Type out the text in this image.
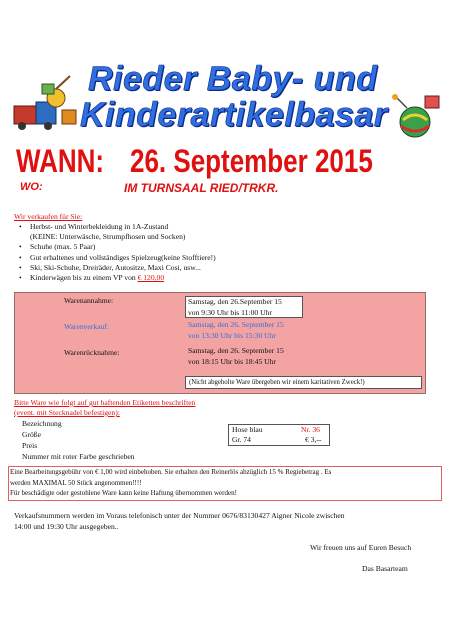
Rieder Baby- und
Kinderartikelbasar
WANN: 26. September 2015
WO:	IM TURNSAAL RIED/TRKR.
Wir verkaufen für Sie:
• Herbst- und Winterbekleidung in 1A-Zustand
(KEINE: Unterwäsche, Strumpfhosen und Socken)
• Schuhe (max. 5 Paar)
• Gut erhaltenes und vollständiges Spielzeug(keine Stofftiere!)
• Ski, Ski-Schuhe, Dreiräder, Autositze, Maxi Cosi, usw...
• Kinderwägen bis zu einem VP von € 120,00
Warenannahme:	Samstag, den 26.September 15
von 9:30 Uhr bis 11:00 Uhr
Warenverkauf:	Samstag, den 26. September 15
von 13:30 Uhr bis 15:30 Uhr
Warenrücknahme:	Samstag, den 26. September 15
von 18:15 Uhr bis 18:45 Uhr
(Nicht abgeholte Ware übergeben wir einem karitativen Zweck!)
Bitte Ware wie folgt auf gut haftenden Etiketten beschriften
(event. mit Stecknadel befestigen):
Bezeichnung
Größe
Preis
Nummer mit roter Farbe geschrieben
Hose blau	Nr. 36
Gr. 74	€ 3,--
Eine Bearbeitungsgebühr von € 1,00 wird einbehoben. Sie erhalten den Reinerlös abzüglich 15 % Regiebetrag . Es
werden MAXIMAL 50 Stück angenommen!!!!
Für beschädigte oder gestohlene Ware kann keine Haftung übernommen werden!
Verkaufsnummern werden im Voraus telefonisch unter der Nummer 0676/83130427 Aigner Nicole zwischen
14:00 und 19:30 Uhr ausgegeben..
Wir freuen uns auf Euren Besuch
Das Basarteam
